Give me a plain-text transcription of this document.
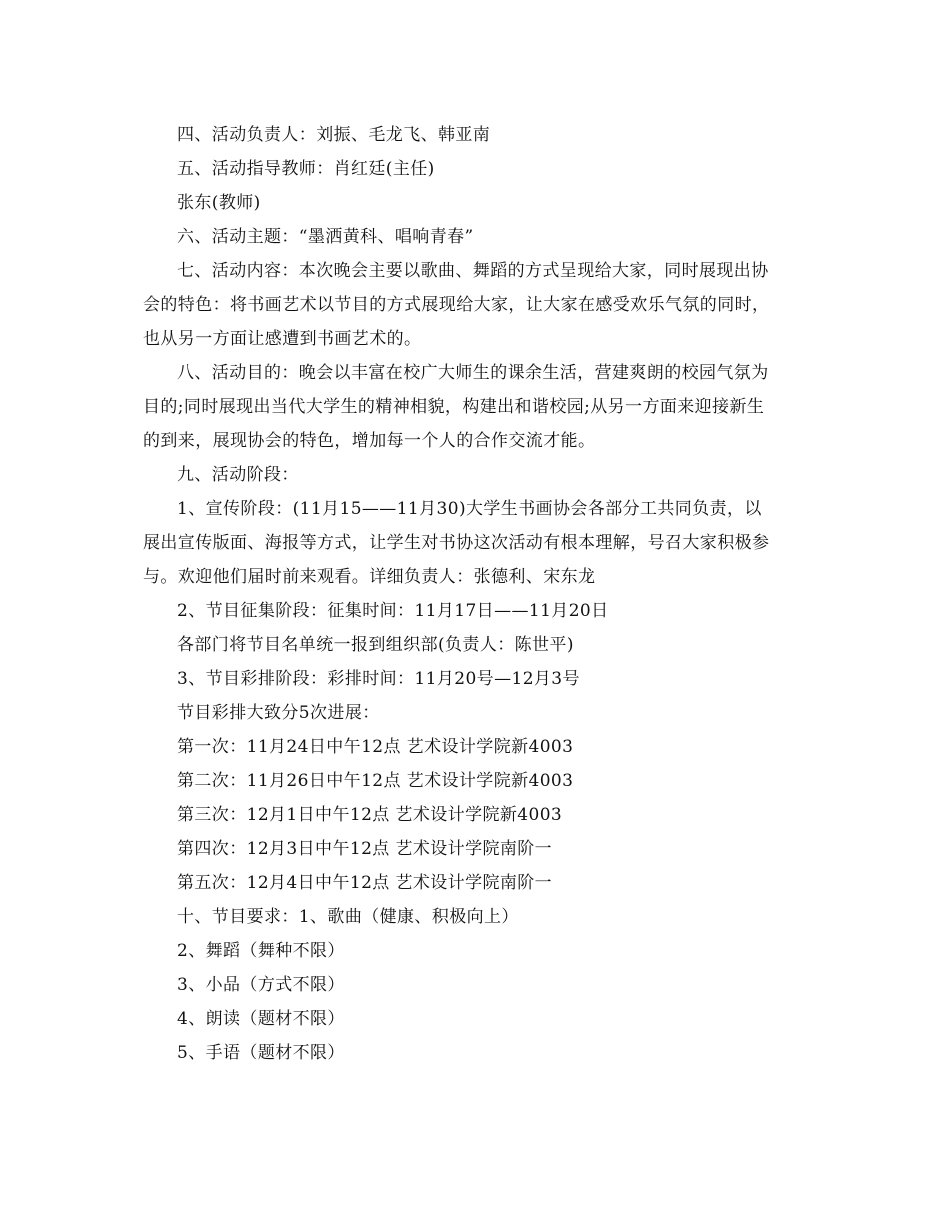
四、活动负责人：刘振、毛龙飞、韩亚南
五、活动指导教师：肖红廷(主任)
张东(教师)
六、活动主题：“墨洒黄科、唱响青春”
七、活动内容：本次晚会主要以歌曲、舞蹈的方式呈现给大家，同时展现出协
会的特色：将书画艺术以节目的方式展现给大家，让大家在感受欢乐气氛的同时，
也从另一方面让感遭到书画艺术的。
八、活动目的：晚会以丰富在校广大师生的课余生活，营建爽朗的校园气氛为
目的;同时展现出当代大学生的精神相貌，构建出和谐校园;从另一方面来迎接新生
的到来，展现协会的特色，增加每一个人的合作交流才能。
九、活动阶段：
1、宣传阶段：(11月15——11月30)大学生书画协会各部分工共同负责，以
展出宣传版面、海报等方式，让学生对书协这次活动有根本理解，号召大家积极参
与。欢迎他们届时前来观看。详细负责人：张德利、宋东龙
2、节目征集阶段：征集时间：11月17日——11月20日
各部门将节目名单统一报到组织部(负责人：陈世平)
3、节目彩排阶段：彩排时间：11月20号—12月3号
节目彩排大致分5次进展：
第一次：11月24日中午12点 艺术设计学院新4003
第二次：11月26日中午12点 艺术设计学院新4003
第三次：12月1日中午12点 艺术设计学院新4003
第四次：12月3日中午12点 艺术设计学院南阶一
第五次：12月4日中午12点 艺术设计学院南阶一
十、节目要求：1、歌曲（健康、积极向上）
2、舞蹈（舞种不限）
3、小品（方式不限）
4、朗读（题材不限）
5、手语（题材不限）
